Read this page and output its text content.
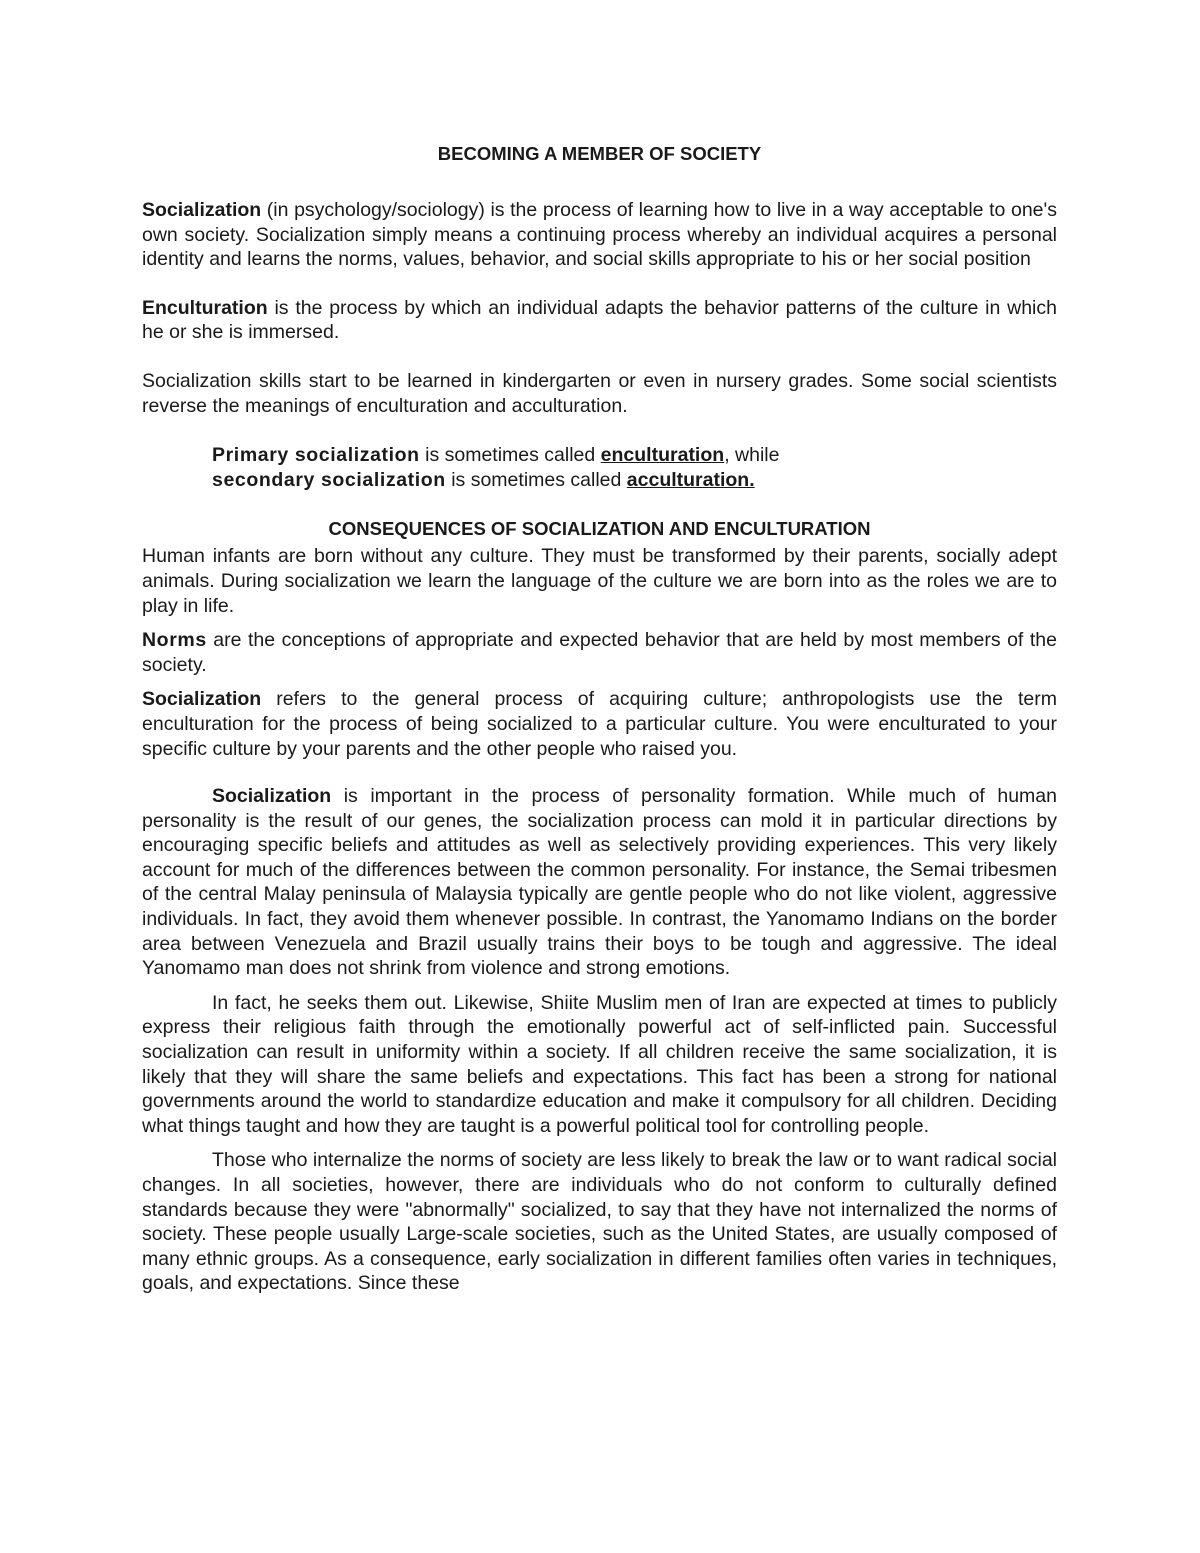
BECOMING A MEMBER OF SOCIETY

Socialization (in psychology/sociology) is the process of learning how to live in a way acceptable to one's own society. Socialization simply means a continuing process whereby an individual acquires a personal identity and learns the norms, values, behavior, and social skills appropriate to his or her social position

Enculturation is the process by which an individual adapts the behavior patterns of the culture in which he or she is immersed.

Socialization skills start to be learned in kindergarten or even in nursery grades. Some social scientists reverse the meanings of enculturation and acculturation.

Primary socialization is sometimes called enculturation, while
secondary socialization is sometimes called acculturation.
CONSEQUENCES OF SOCIALIZATION AND ENCULTURATION

Human infants are born without any culture. They must be transformed by their parents, socially adept animals. During socialization we learn the language of the culture we are born into as the roles we are to play in life.

Norms are the conceptions of appropriate and expected behavior that are held by most members of the society.

Socialization refers to the general process of acquiring culture; anthropologists use the term enculturation for the process of being socialized to a particular culture. You were enculturated to your specific culture by your parents and the other people who raised you.

Socialization is important in the process of personality formation. While much of human personality is the result of our genes, the socialization process can mold it in particular directions by encouraging specific beliefs and attitudes as well as selectively providing experiences. This very likely account for much of the differences between the common personality. For instance, the Semai tribesmen of the central Malay peninsula of Malaysia typically are gentle people who do not like violent, aggressive individuals. In fact, they avoid them whenever possible. In contrast, the Yanomamo Indians on the border area between Venezuela and Brazil usually trains their boys to be tough and aggressive. The ideal Yanomamo man does not shrink from violence and strong emotions.

In fact, he seeks them out. Likewise, Shiite Muslim men of Iran are expected at times to publicly express their religious faith through the emotionally powerful act of self-inflicted pain. Successful socialization can result in uniformity within a society. If all children receive the same socialization, it is likely that they will share the same beliefs and expectations. This fact has been a strong for national governments around the world to standardize education and make it compulsory for all children. Deciding what things taught and how they are taught is a powerful political tool for controlling people.

Those who internalize the norms of society are less likely to break the law or to want radical social changes. In all societies, however, there are individuals who do not conform to culturally defined standards because they were "abnormally" socialized, to say that they have not internalized the norms of society. These people usually Large-scale societies, such as the United States, are usually composed of many ethnic groups. As a consequence, early socialization in different families often varies in techniques, goals, and expectations. Since these
